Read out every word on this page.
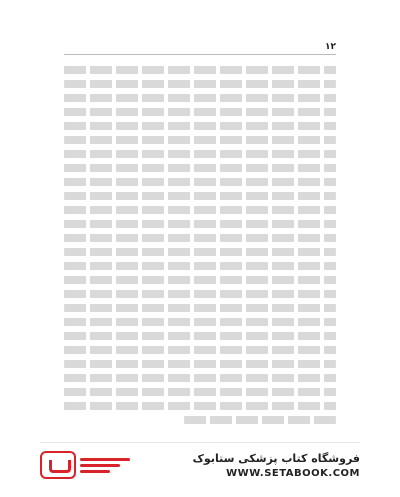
۱۲
فروشگاه کتاب پزشکی ستابوک
WWW.SETABOOK.COM
